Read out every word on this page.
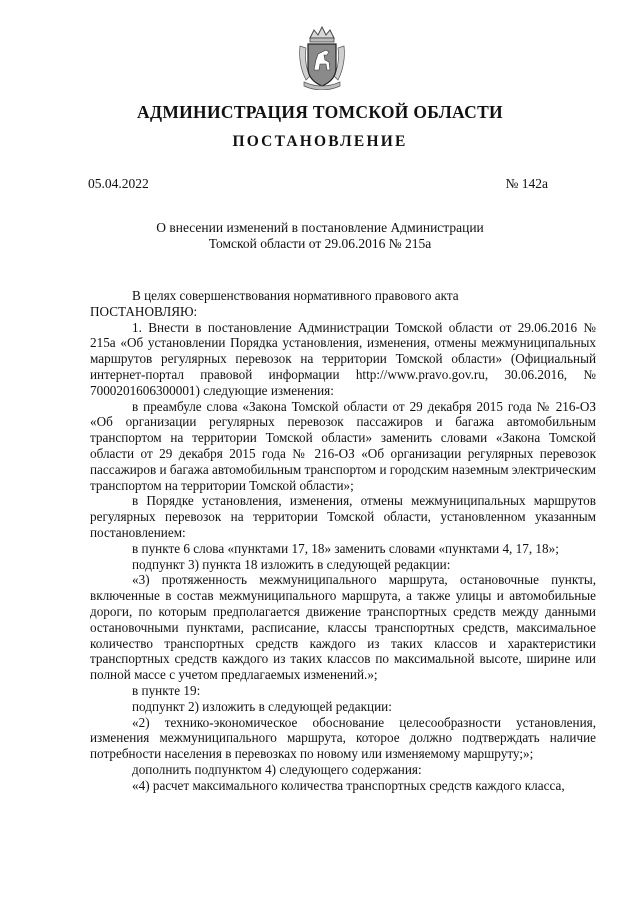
АДМИНИСТРАЦИЯ ТОМСКОЙ ОБЛАСТИ
ПОСТАНОВЛЕНИЕ
05.04.2022	№ 142а
О внесении изменений в постановление Администрации
Томской области от 29.06.2016 № 215а

В целях совершенствования нормативного правового акта

ПОСТАНОВЛЯЮ:

1. Внести в постановление Администрации Томской области от 29.06.2016 № 215а «Об установлении Порядка установления, изменения, отмены межмуниципальных маршрутов регулярных перевозок на территории Томской области» (Официальный интернет-портал правовой информации http://www.pravo.gov.ru, 30.06.2016, № 7000201606300001) следующие изменения:

в преамбуле слова «Закона Томской области от 29 декабря 2015 года № 216-ОЗ «Об организации регулярных перевозок пассажиров и багажа автомобильным транспортом на территории Томской области» заменить словами «Закона Томской области от 29 декабря 2015 года № 216-ОЗ «Об организации регулярных перевозок пассажиров и багажа автомобильным транспортом и городским наземным электрическим транспортом на территории Томской области»;

в Порядке установления, изменения, отмены межмуниципальных маршрутов регулярных перевозок на территории Томской области, установленном указанным постановлением:

в пункте 6 слова «пунктами 17, 18» заменить словами «пунктами 4, 17, 18»;

подпункт 3) пункта 18 изложить в следующей редакции:

«3) протяженность межмуниципального маршрута, остановочные пункты, включенные в состав межмуниципального маршрута, а также улицы и автомобильные дороги, по которым предполагается движение транспортных средств между данными остановочными пунктами, расписание, классы транспортных средств, максимальное количество транспортных средств каждого из таких классов и характеристики транспортных средств каждого из таких классов по максимальной высоте, ширине или полной массе с учетом предлагаемых изменений.»;

в пункте 19:

подпункт 2) изложить в следующей редакции:

«2) технико-экономическое обоснование целесообразности установления, изменения межмуниципального маршрута, которое должно подтверждать наличие потребности населения в перевозках по новому или изменяемому маршруту;»;

дополнить подпунктом 4) следующего содержания:

«4) расчет максимального количества транспортных средств каждого класса,
